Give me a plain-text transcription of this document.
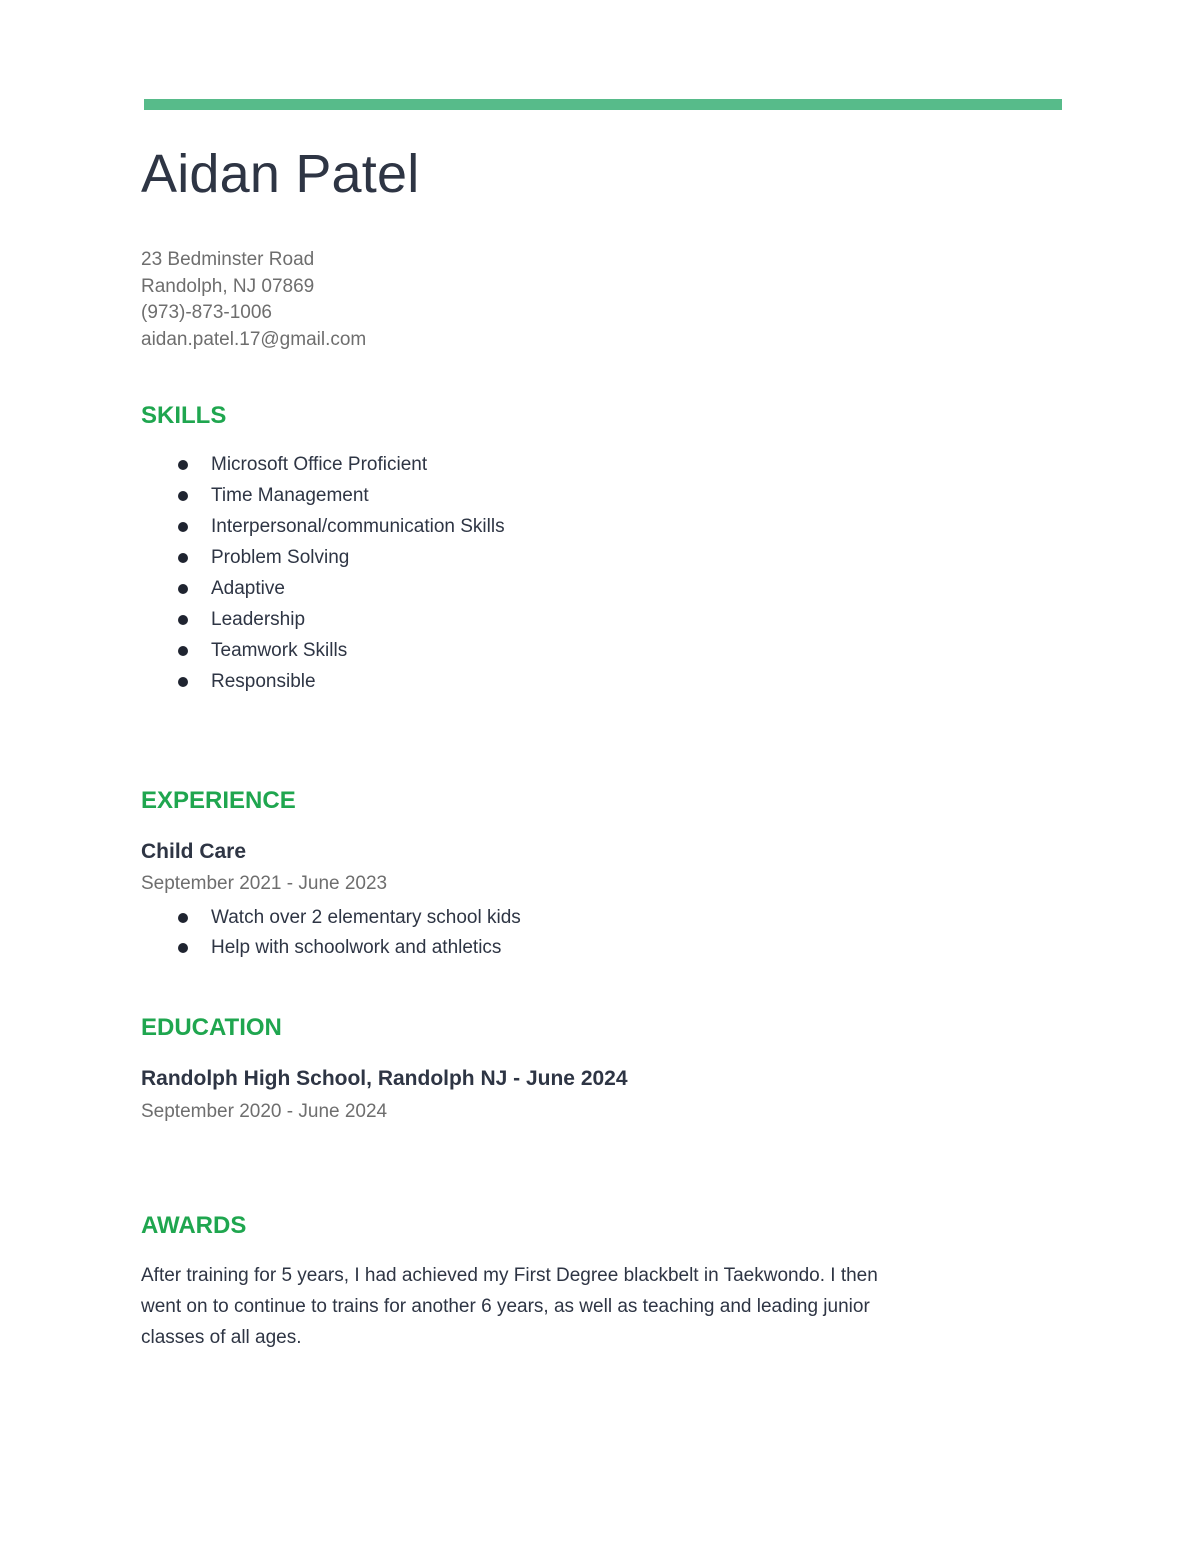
Aidan Patel
23 Bedminster Road
Randolph, NJ 07869
(973)-873-1006
aidan.patel.17@gmail.com
SKILLS
Microsoft Office Proficient
Time Management
Interpersonal/communication Skills
Problem Solving
Adaptive
Leadership
Teamwork Skills
Responsible
EXPERIENCE
Child Care
September 2021 - June 2023
Watch over 2 elementary school kids
Help with schoolwork and athletics
EDUCATION
Randolph High School, Randolph NJ - June 2024
September 2020 - June 2024
AWARDS

After training for 5 years, I had achieved my First Degree blackbelt in Taekwondo. I then went on to continue to trains for another 6 years, as well as teaching and leading junior classes of all ages.
